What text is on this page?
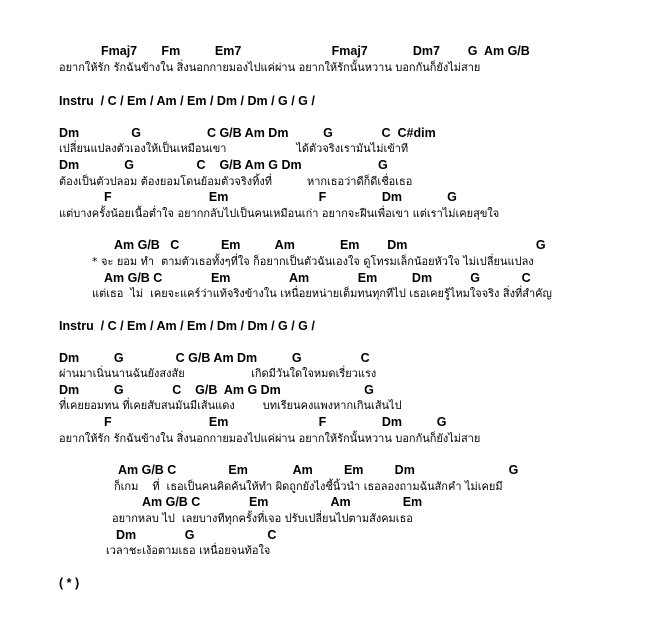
Fmaj7       Fm          Em7                          Fmaj7             Dm7        G  Am G/B
อยากให้รัก รักฉันข้างใน สิ่งนอกกายมองไปแค่ผ่าน อยากให้รักนั้นหวาน บอกกันก็ยังไม่สาย
Instru  / C / Em / Am / Em / Dm / Dm / G / G /
Dm               G                   C G/B Am Dm          G              C  C#dim
เปลี่ยนแปลงตัวเองให้เป็นเหมือนเขา                    ได้ตัวจริงเรามันไม่เข้าที
Dm             G                  C    G/B Am G Dm                      G
ต้องเป็นตัวปลอม ต้องยอมโดนย้อมตัวจริงทิ้งที่          หากเธอว่าดีก็ดีเชื่อเธอ
F                            Em                          F                Dm             G
แต่บางครั้งน้อยเนื้อต่ำใจ อยากกลับไปเป็นคนเหมือนเก่า อยากจะฝืนเพื่อเขา แต่เราไม่เคยสุขใจ
Am G/B   C            Em          Am             Em        Dm                                     G
* จะ ยอม ทำ  ตามตัวเธอทั้งๆที่ใจ ก็อยากเป็นตัวฉันเองใจ ดูโทรมเล็กน้อยหัวใจ ไม่เปลี่ยนแปลง
Am G/B C              Em                 Am              Em          Dm           G            C
แต่เธอ  ไม่  เคยจะแคร์ว่าแท้จริงข้างใน เหนื่อยหน่ายเต็มทนทุกทีไป เธอเคยรู้ไหมใจจริง สิ่งที่สำคัญ
Instru  / C / Em / Am / Em / Dm / Dm / G / G /
Dm          G               C G/B Am Dm          G                 C
ผ่านมาเนิ่นนานฉันยังสงสัย                   เกิดมีวันใดใจหมดเรี่ยวแรง
Dm          G              C    G/B  Am G Dm                        G
ที่เคยยอมทน ที่เคยสับสนมันมีเส้นแดง        บทเรียนคงแพงหากเกินเส้นไป
F                            Em                          F                Dm          G
อยากให้รัก รักฉันข้างใน สิ่งนอกกายมองไปแค่ผ่าน อยากให้รักนั้นหวาน บอกกันก็ยังไม่สาย
Am G/B C               Em             Am         Em         Dm                           G
ก็เกม    ที่  เธอเป็นคนคิดค้นให้ทำ ผิดถูกยังไงชี้นิ้วนำ เธอลองถามฉันสักคำ ไม่เคยมี
Am G/B C              Em                  Am               Em
อยากหลบ ไป  เลยบางทีทุกครั้งที่เจอ ปรับเปลี่ยนไปตามสังคมเธอ
Dm              G                     C
เวลาชะเง้อตามเธอ เหนื่อยจนท้อใจ
( * )
